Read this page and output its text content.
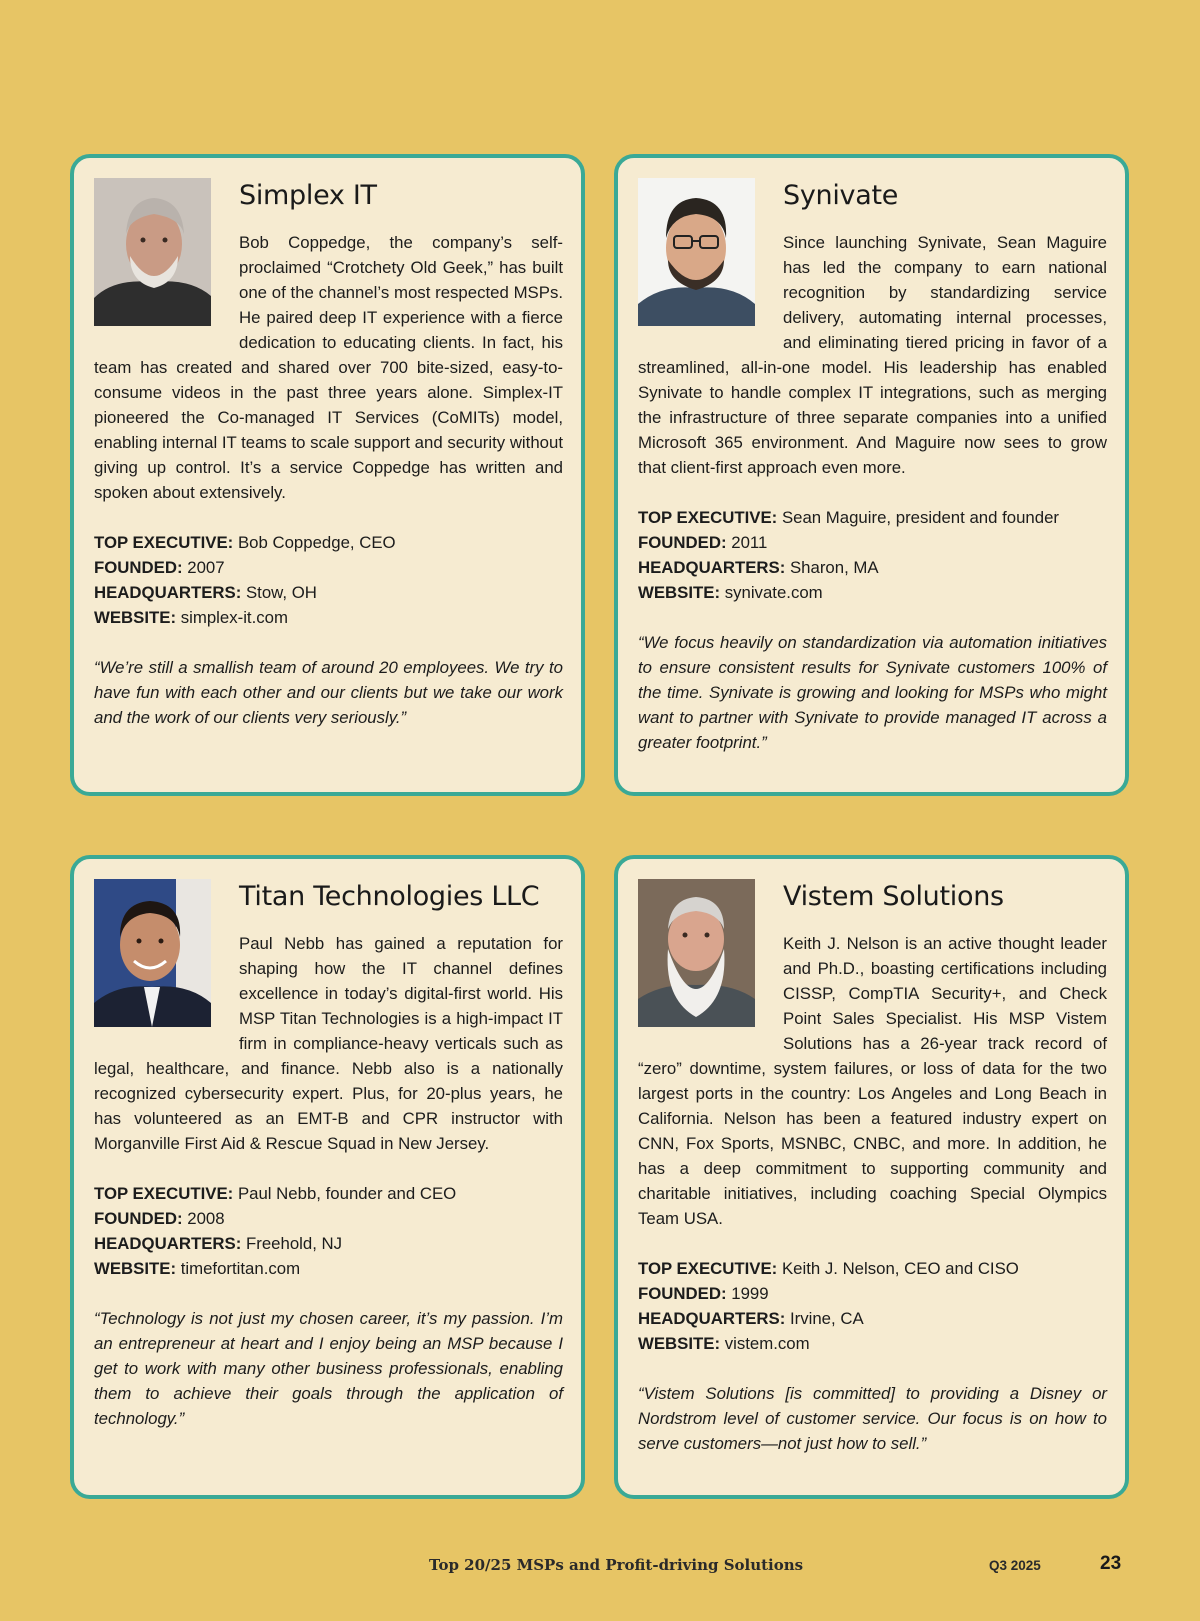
Simplex IT

Bob Coppedge, the company’s self-proclaimed “Crotchety Old Geek,” has built one of the channel’s most respected MSPs. He paired deep IT experience with a fierce dedication to educating clients. In fact, his team has created and shared over 700 bite-sized, easy-to-consume videos in the past three years alone. Simplex-IT pioneered the Co-managed IT Services (CoMITs) model, enabling internal IT teams to scale support and security without giving up control. It’s a service Coppedge has written and spoken about extensively.

TOP EXECUTIVE: Bob Coppedge, CEO
FOUNDED: 2007
HEADQUARTERS: Stow, OH
WEBSITE: simplex-it.com
“We’re still a smallish team of around 20 employees. We try to have fun with each other and our clients but we take our work and the work of our clients very seriously.”
Synivate

Since launching Synivate, Sean Maguire has led the company to earn national recognition by standardizing service delivery, automating internal processes, and eliminating tiered pricing in favor of a streamlined, all-in-one model. His leadership has enabled Synivate to handle complex IT integrations, such as merging the infrastructure of three separate companies into a unified Microsoft 365 environment. And Maguire now sees to grow that client-first approach even more.

TOP EXECUTIVE: Sean Maguire, president and founder
FOUNDED: 2011
HEADQUARTERS: Sharon, MA
WEBSITE: synivate.com
“We focus heavily on standardization via automation initiatives to ensure consistent results for Synivate customers 100% of the time. Synivate is growing and looking for MSPs who might want to partner with Synivate to provide managed IT across a greater footprint.”
Titan Technologies LLC

Paul Nebb has gained a reputation for shaping how the IT channel defines excellence in today’s digital-first world. His MSP Titan Technologies is a high-impact IT firm in compliance-heavy verticals such as legal, healthcare, and finance. Nebb also is a nationally recognized cybersecurity expert. Plus, for 20-plus years, he has volunteered as an EMT-B and CPR instructor with Morganville First Aid & Rescue Squad in New Jersey.

TOP EXECUTIVE: Paul Nebb, founder and CEO
FOUNDED: 2008
HEADQUARTERS: Freehold, NJ
WEBSITE: timefortitan.com
“Technology is not just my chosen career, it’s my passion. I’m an entrepreneur at heart and I enjoy being an MSP because I get to work with many other business professionals, enabling them to achieve their goals through the application of technology.”
Vistem Solutions

Keith J. Nelson is an active thought leader and Ph.D., boasting certifications including CISSP, CompTIA Security+, and Check Point Sales Specialist. His MSP Vistem Solutions has a 26-year track record of “zero” downtime, system failures, or loss of data for the two largest ports in the country: Los Angeles and Long Beach in California. Nelson has been a featured industry expert on CNN, Fox Sports, MSNBC, CNBC, and more. In addition, he has a deep commitment to supporting community and charitable initiatives, including coaching Special Olympics Team USA.

TOP EXECUTIVE: Keith J. Nelson, CEO and CISO
FOUNDED: 1999
HEADQUARTERS: Irvine, CA
WEBSITE: vistem.com
“Vistem Solutions [is committed] to providing a Disney or Nordstrom level of customer service. Our focus is on how to serve customers—not just how to sell.”
Top 20/25 MSPs and Profit-driving Solutions	Q3 2025	23
